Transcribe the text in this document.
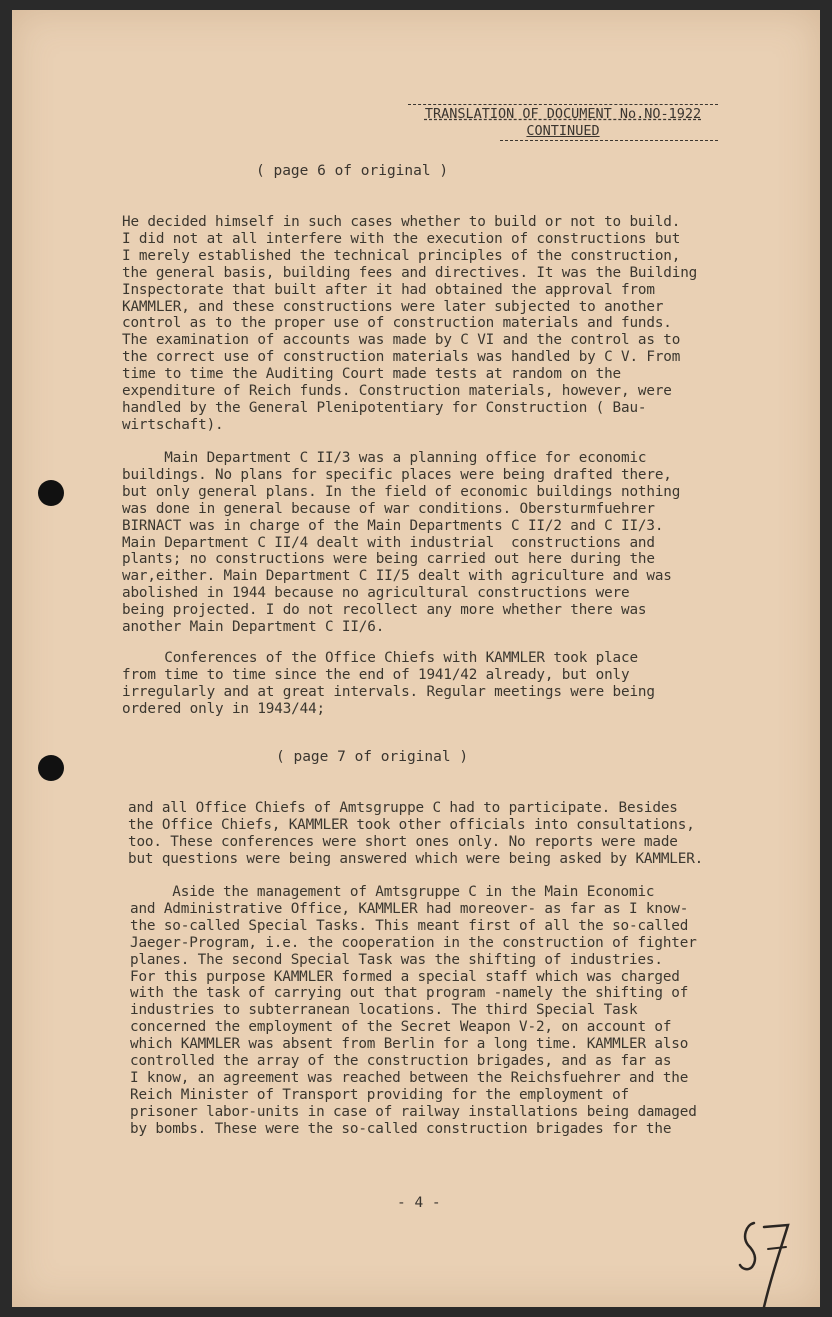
TRANSLATION OF DOCUMENT No.NO-1922
CONTINUED
( page 6 of original )
He decided himself in such cases whether to build or not to build.
I did not at all interfere with the execution of constructions but
I merely established the technical principles of the construction,
the general basis, building fees and directives. It was the Building
Inspectorate that built after it had obtained the approval from
KAMMLER, and these constructions were later subjected to another
control as to the proper use of construction materials and funds.
The examination of accounts was made by C VI and the control as to
the correct use of construction materials was handled by C V. From
time to time the Auditing Court made tests at random on the
expenditure of Reich funds. Construction materials, however, were
handled by the General Plenipotentiary for Construction ( Bau-
wirtschaft).
Main Department C II/3 was a planning office for economic
buildings. No plans for specific places were being drafted there,
but only general plans. In the field of economic buildings nothing
was done in general because of war conditions. Obersturmfuehrer
BIRNACT was in charge of the Main Departments C II/2 and C II/3.
Main Department C II/4 dealt with industrial  constructions and
plants; no constructions were being carried out here during the
war,either. Main Department C II/5 dealt with agriculture and was
abolished in 1944 because no agricultural constructions were
being projected. I do not recollect any more whether there was
another Main Department C II/6.
Conferences of the Office Chiefs with KAMMLER took place
from time to time since the end of 1941/42 already, but only
irregularly and at great intervals. Regular meetings were being
ordered only in 1943/44;
( page 7 of original )
and all Office Chiefs of Amtsgruppe C had to participate. Besides
the Office Chiefs, KAMMLER took other officials into consultations,
too. These conferences were short ones only. No reports were made
but questions were being answered which were being asked by KAMMLER.
Aside the management of Amtsgruppe C in the Main Economic
and Administrative Office, KAMMLER had moreover- as far as I know-
the so-called Special Tasks. This meant first of all the so-called
Jaeger-Program, i.e. the cooperation in the construction of fighter
planes. The second Special Task was the shifting of industries.
For this purpose KAMMLER formed a special staff which was charged
with the task of carrying out that program -namely the shifting of
industries to subterranean locations. The third Special Task
concerned the employment of the Secret Weapon V-2, on account of
which KAMMLER was absent from Berlin for a long time. KAMMLER also
controlled the array of the construction brigades, and as far as
I know, an agreement was reached between the Reichsfuehrer and the
Reich Minister of Transport providing for the employment of
prisoner labor-units in case of railway installations being damaged
by bombs. These were the so-called construction brigades for the
- 4 -
